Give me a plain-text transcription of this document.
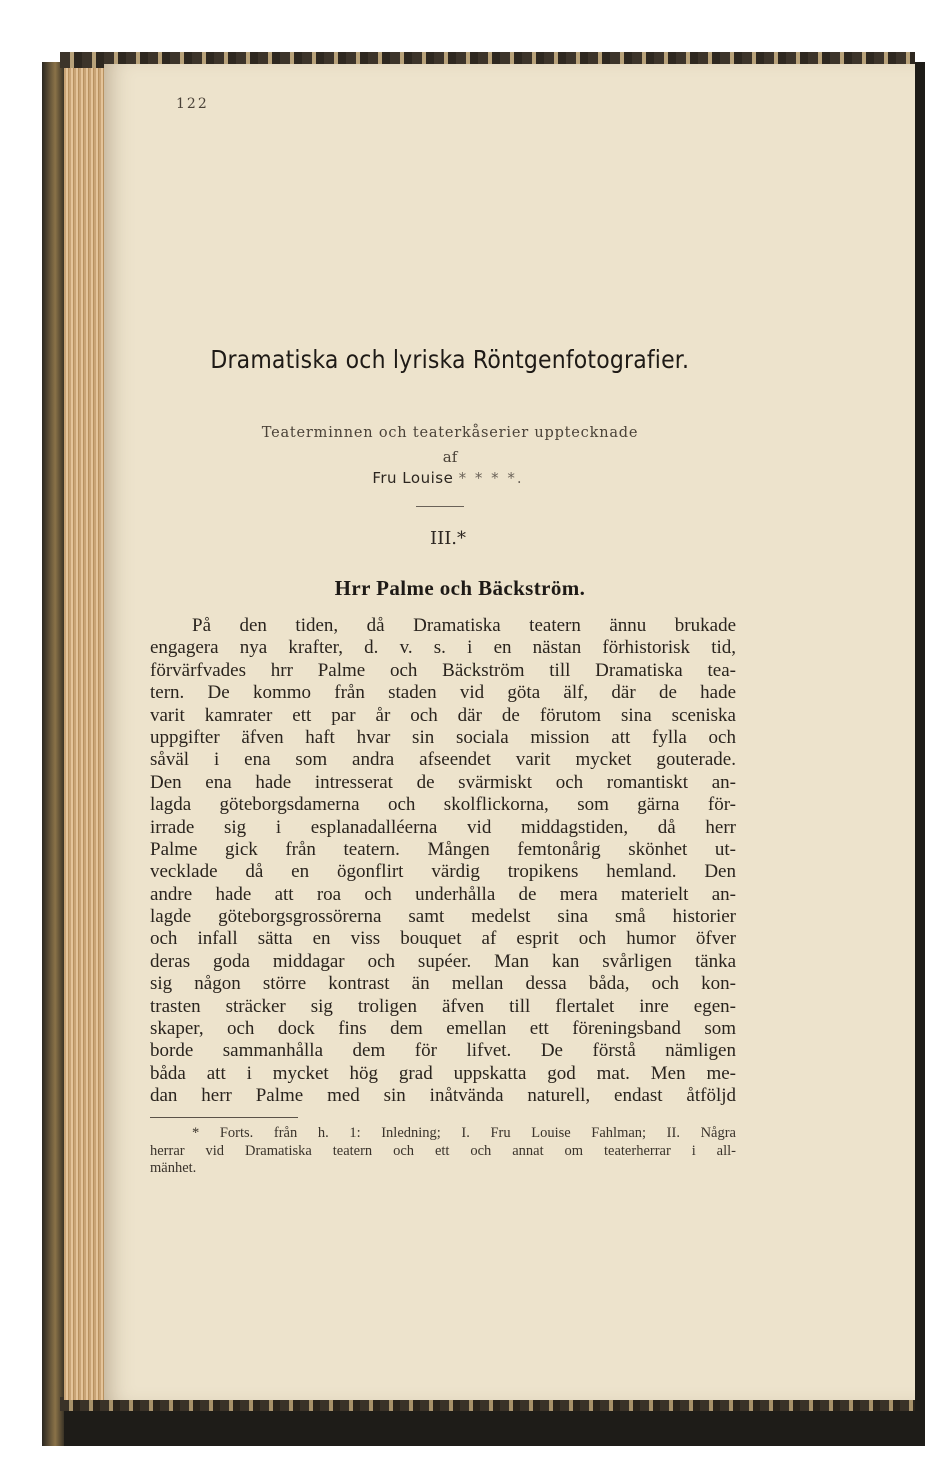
122
Dramatiska och lyriska Röntgenfotografier.
Teaterminnen och teaterkåserier upptecknade
af
Fru Louise * * * *.
III.*
Hrr Palme och Bäckström.
På den tiden, då Dramatiska teatern ännu brukade
engagera nya krafter, d. v. s. i en nästan förhistorisk tid,
förvärfvades hrr Palme och Bäckström till Dramatiska tea-
tern. De kommo från staden vid göta älf, där de hade
varit kamrater ett par år och där de förutom sina sceniska
uppgifter äfven haft hvar sin sociala mission att fylla och
såväl i ena som andra afseendet varit mycket gouterade.
Den ena hade intresserat de svärmiskt och romantiskt an-
lagda göteborgsdamerna och skolflickorna, som gärna för-
irrade sig i esplanadalléerna vid middagstiden, då herr
Palme gick från teatern. Mången femtonårig skönhet ut-
vecklade då en ögonflirt värdig tropikens hemland. Den
andre hade att roa och underhålla de mera materielt an-
lagde göteborgsgrossörerna samt medelst sina små historier
och infall sätta en viss bouquet af esprit och humor öfver
deras goda middagar och supéer. Man kan svårligen tänka
sig någon större kontrast än mellan dessa båda, och kon-
trasten sträcker sig troligen äfven till flertalet inre egen-
skaper, och dock fins dem emellan ett föreningsband som
borde sammanhålla dem för lifvet. De förstå nämligen
båda att i mycket hög grad uppskatta god mat. Men me-
dan herr Palme med sin inåtvända naturell, endast åtföljd
* Forts. från h. 1: Inledning; I. Fru Louise Fahlman; II. Några
herrar vid Dramatiska teatern och ett och annat om teaterherrar i all-
mänhet.
